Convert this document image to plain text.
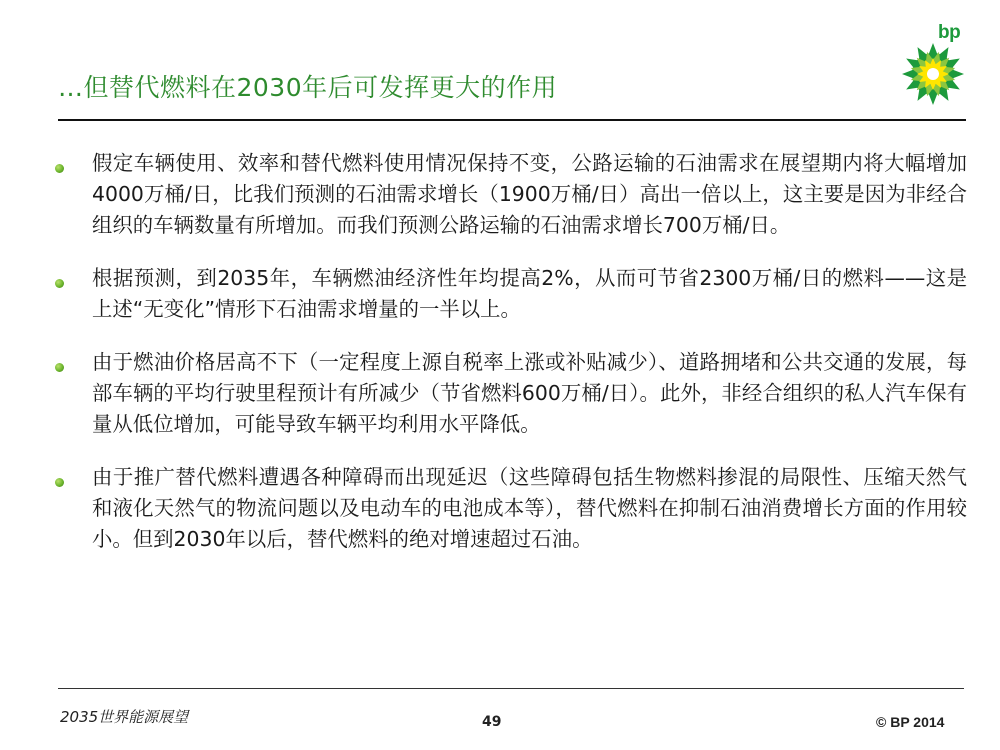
…但替代燃料在2030年后可发挥更大的作用
bp
假定车辆使用、效率和替代燃料使用情况保持不变，公路运输的石油需求在展望期内将大幅增加4000万桶/日，比我们预测的石油需求增长（1900万桶/日）高出一倍以上，这主要是因为非经合组织的车辆数量有所增加。而我们预测公路运输的石油需求增长700万桶/日。
根据预测，到2035年，车辆燃油经济性年均提高2%，从而可节省2300万桶/日的燃料——这是上述“无变化”情形下石油需求增量的一半以上。
由于燃油价格居高不下（一定程度上源自税率上涨或补贴减少）、道路拥堵和公共交通的发展，每部车辆的平均行驶里程预计有所减少（节省燃料600万桶/日）。此外，非经合组织的私人汽车保有量从低位增加，可能导致车辆平均利用水平降低。
由于推广替代燃料遭遇各种障碍而出现延迟（这些障碍包括生物燃料掺混的局限性、压缩天然气和液化天然气的物流问题以及电动车的电池成本等），替代燃料在抑制石油消费增长方面的作用较小。但到2030年以后，替代燃料的绝对增速超过石油。
2035世界能源展望	49	© BP 2014
